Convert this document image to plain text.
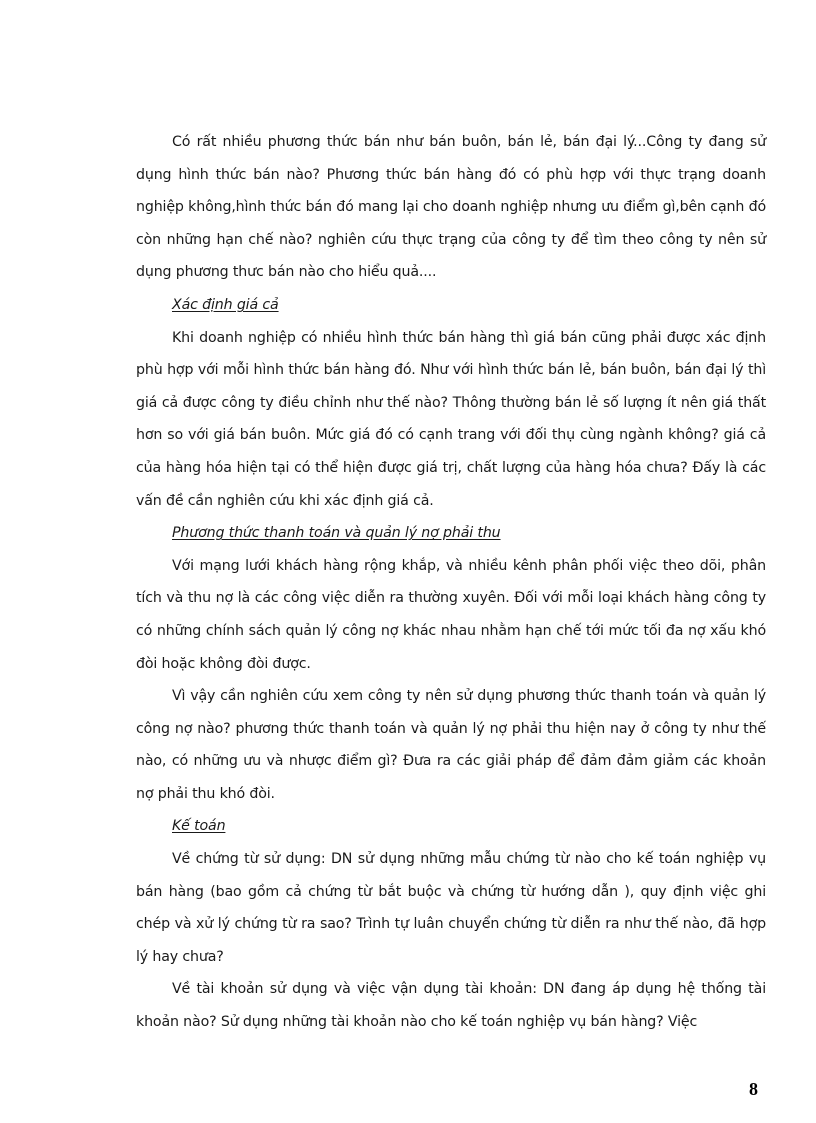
Có rất nhiều phương thức bán như bán buôn, bán lẻ, bán đại lý...Công ty đang sử dụng hình thức bán nào? Phương thức bán hàng đó có phù hợp với thực trạng doanh nghiệp không,hình thức bán đó mang lại cho doanh nghiệp nhưng ưu điểm gì,bên cạnh đó còn những hạn chế nào? nghiên cứu thực trạng của công ty để tìm theo công ty nên sử dụng phương thưc bán nào cho hiểu quả....

Xác định giá cả

Khi doanh nghiệp có nhiều hình thức bán hàng thì giá bán cũng phải được xác định phù hợp với mỗi hình thức bán hàng đó. Như với hình thức bán lẻ, bán buôn, bán đại lý thì giá cả được công ty điều chỉnh như thế nào? Thông thường bán lẻ số lượng ít nên giá thất hơn so với giá bán buôn. Mức giá đó có cạnh trang với đối thụ cùng ngành không? giá cả của hàng hóa hiện tại có thể hiện được giá trị, chất lượng của hàng hóa chưa? Đấy là các vấn đề cần nghiên cứu khi xác định giá cả.

Phương thức thanh toán và quản lý nợ phải thu

Với mạng lưới khách hàng rộng khắp, và nhiều kênh phân phối việc theo dõi, phân tích và thu nợ là các công việc diễn ra thường xuyên. Đối với mỗi loại khách hàng công ty có những chính sách quản lý công nợ khác nhau nhằm hạn chế tới mức tối đa nợ xấu khó đòi hoặc không đòi được.

Vì vậy cần nghiên cứu xem công ty nên sử dụng phương thức thanh toán và quản lý công nợ nào? phương thức thanh toán và quản lý nợ phải thu hiện nay ở công ty như thế nào, có những ưu và nhược điểm gì? Đưa ra các giải pháp để đảm đảm giảm các khoản nợ phải thu khó đòi.

Kế toán

Về chứng từ sử dụng: DN sử dụng những mẫu chứng từ nào cho kế toán nghiệp vụ bán hàng (bao gồm cả chứng từ bắt buộc và chứng từ hướng dẫn ), quy định việc ghi chép và xử lý chứng từ ra sao? Trình tự luân chuyển chứng từ diễn ra như thế nào, đã hợp lý hay chưa?

Về tài khoản sử dụng và việc vận dụng tài khoản: DN đang áp dụng hệ thống tài khoản nào? Sử dụng những tài khoản nào cho kế toán nghiệp vụ bán hàng? Việc

8
